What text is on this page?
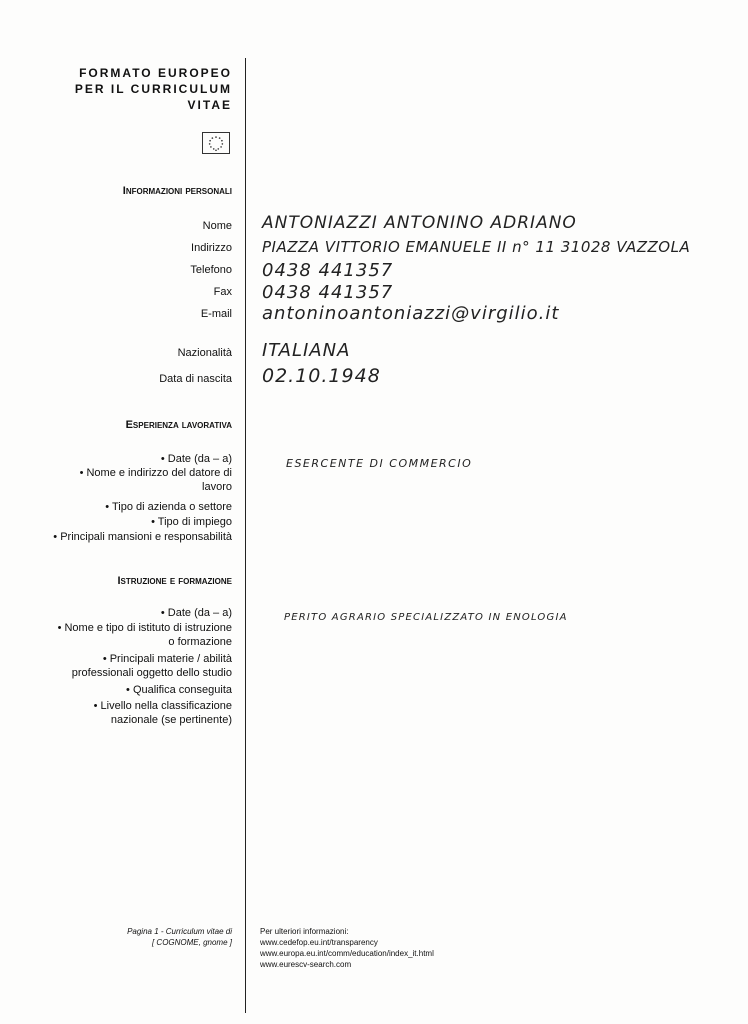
FORMATO EUROPEO
PER IL CURRICULUM
VITAE
Informazioni personali
Nome
Indirizzo
Telefono
Fax
E-mail
Nazionalità
Data di nascita
ANTONIAZZI ANTONINO ADRIANO
PIAZZA VITTORIO EMANUELE II n° 11 31028 VAZZOLA
0438 441357
0438 441357
antoninoantoniazzi@virgilio.it
ITALIANA
02.10.1948
Esperienza lavorativa
• Date (da – a)
• Nome e indirizzo del datore di lavoro
• Tipo di azienda o settore
• Tipo di impiego
• Principali mansioni e responsabilità
ESERCENTE DI COMMERCIO
Istruzione e formazione
• Date (da – a)
• Nome e tipo di istituto di istruzione o formazione
• Principali materie / abilità professionali oggetto dello studio
• Qualifica conseguita
• Livello nella classificazione nazionale (se pertinente)
PERITO AGRARIO SPECIALIZZATO IN ENOLOGIA
Pagina 1 - Curriculum vitae di
[ COGNOME, gnome ]
Per ulteriori informazioni:
www.cedefop.eu.int/transparency
www.europa.eu.int/comm/education/index_it.html
www.eurescv-search.com
